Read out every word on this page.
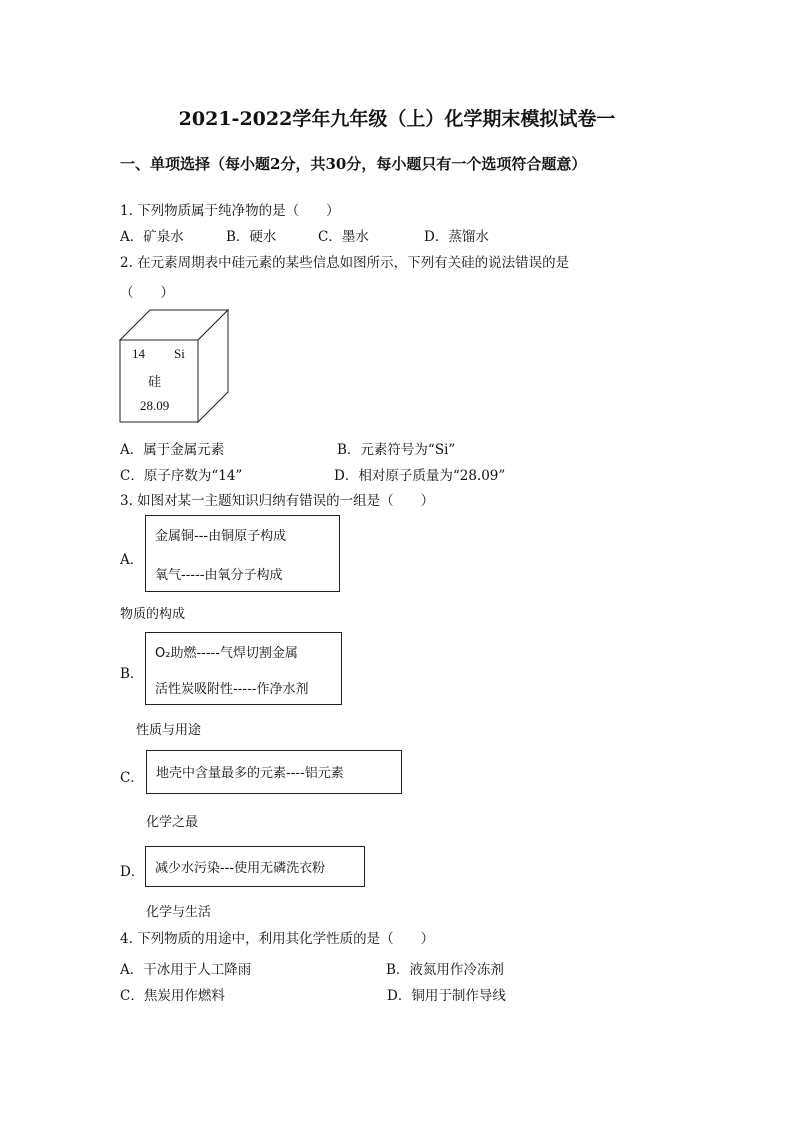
2021-2022学年九年级（上）化学期末模拟试卷一
一、单项选择（每小题2分，共30分，每小题只有一个选项符合题意）
1. 下列物质属于纯净物的是（　　）
A．矿泉水	B．硬水	C．墨水	D．蒸馏水
2. 在元素周期表中硅元素的某些信息如图所示，下列有关硅的说法错误的是
（　　）
14 Si
硅
28.09
A．属于金属元素	B．元素符号为“Si”
C．原子序数为“14”	D．相对原子质量为“28.09”
3. 如图对某一主题知识归纳有错误的一组是（　　）
A．
金属铜---由铜原子构成
氧气-----由氧分子构成
物质的构成
B．
O₂助燃-----气焊切割金属
活性炭吸附性-----作净水剂
性质与用途
C． 地壳中含量最多的元素----铝元素
化学之最
D． 减少水污染---使用无磷洗衣粉
化学与生活
4. 下列物质的用途中，利用其化学性质的是（　　）
A．干冰用于人工降雨	B．液氮用作冷冻剂
C．焦炭用作燃料	D．铜用于制作导线
